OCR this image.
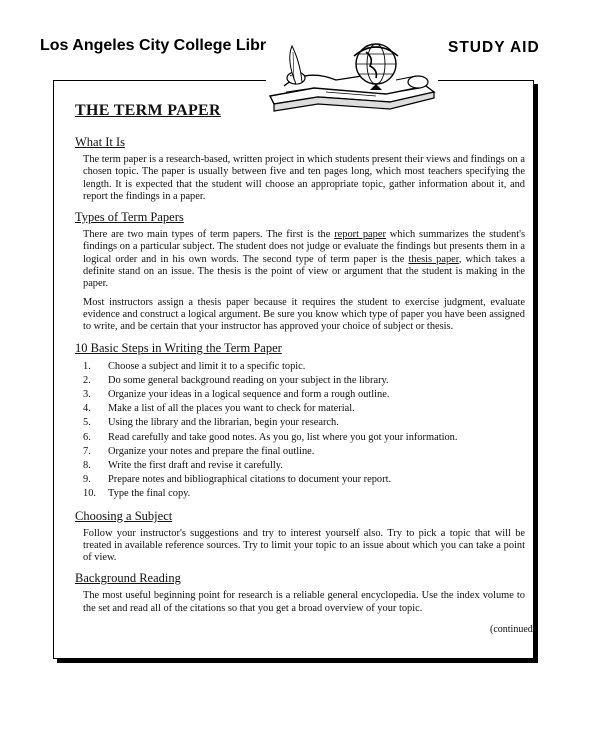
Los Angeles City College Library	STUDY AID
THE TERM PAPER
What It Is

The term paper is a research-based, written project in which students present their views and findings on a chosen topic. The paper is usually between five and ten pages long, which most teachers specifying the length. It is expected that the student will choose an appropriate topic, gather information about it, and report the findings in a paper.

Types of Term Papers

There are two main types of term papers. The first is the report paper which summarizes the student's findings on a particular subject. The student does not judge or evaluate the findings but presents them in a logical order and in his own words. The second type of term paper is the thesis paper, which takes a definite stand on an issue. The thesis is the point of view or argument that the student is making in the paper.

Most instructors assign a thesis paper because it requires the student to exercise judgment, evaluate evidence and construct a logical argument. Be sure you know which type of paper you have been assigned to write, and be certain that your instructor has approved your choice of subject or thesis.

10 Basic Steps in Writing the Term Paper
1.	Choose a subject and limit it to a specific topic.
2.	Do some general background reading on your subject in the library.
3.	Organize your ideas in a logical sequence and form a rough outline.
4.	Make a list of all the places you want to check for material.
5.	Using the library and the librarian, begin your research.
6.	Read carefully and take good notes. As you go, list where you got your information.
7.	Organize your notes and prepare the final outline.
8.	Write the first draft and revise it carefully.
9.	Prepare notes and bibliographical citations to document your report.
10.	Type the final copy.
Choosing a Subject

Follow your instructor's suggestions and try to interest yourself also. Try to pick a topic that will be treated in available reference sources. Try to limit your topic to an issue about which you can take a point of view.

Background Reading

The most useful beginning point for research is a reliable general encyclopedia. Use the index volume to the set and read all of the citations so that you get a broad overview of your topic.

(continued)
